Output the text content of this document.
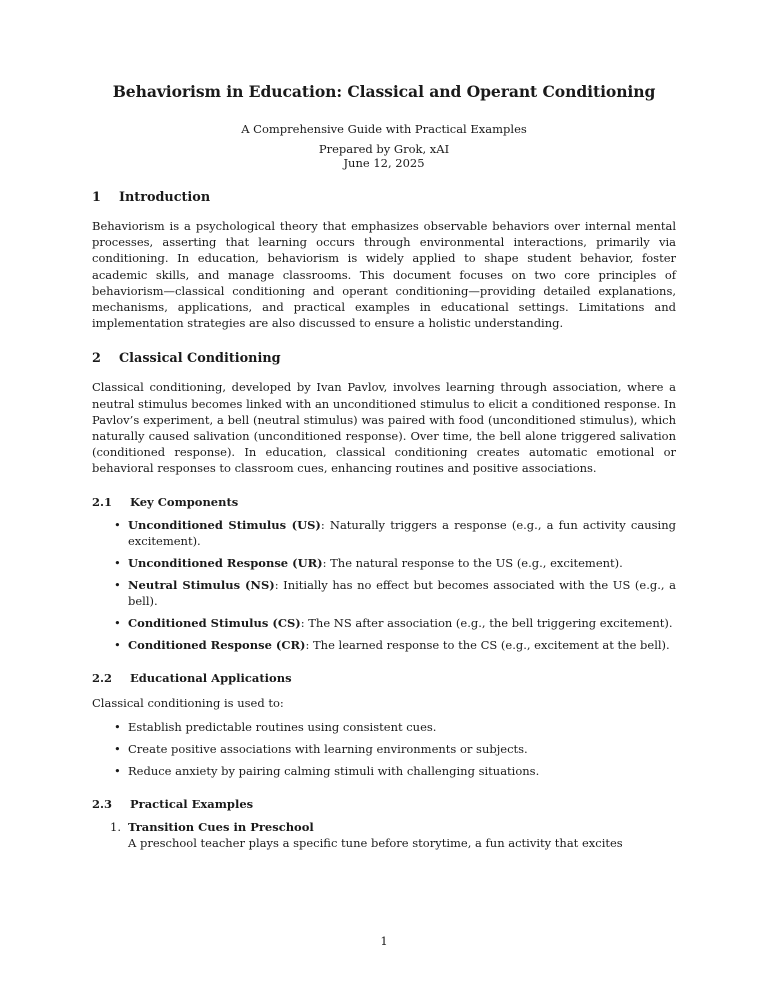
Behaviorism in Education: Classical and Operant Conditioning
A Comprehensive Guide with Practical Examples
Prepared by Grok, xAI
June 12, 2025
1 Introduction

Behaviorism is a psychological theory that emphasizes observable behaviors over internal mental processes, asserting that learning occurs through environmental interactions, primarily via conditioning. In education, behaviorism is widely applied to shape student behavior, foster academic skills, and manage classrooms. This document focuses on two core principles of behaviorism—classical conditioning and operant conditioning—providing detailed explanations, mechanisms, applications, and practical examples in educational settings. Limitations and implementation strategies are also discussed to ensure a holistic understanding.

2 Classical Conditioning

Classical conditioning, developed by Ivan Pavlov, involves learning through association, where a neutral stimulus becomes linked with an unconditioned stimulus to elicit a conditioned response. In Pavlov’s experiment, a bell (neutral stimulus) was paired with food (unconditioned stimulus), which naturally caused salivation (unconditioned response). Over time, the bell alone triggered salivation (conditioned response). In education, classical conditioning creates automatic emotional or behavioral responses to classroom cues, enhancing routines and positive associations.

2.1 Key Components
• Unconditioned Stimulus (US): Naturally triggers a response (e.g., a fun activity causing excitement).
• Unconditioned Response (UR): The natural response to the US (e.g., excitement).
• Neutral Stimulus (NS): Initially has no effect but becomes associated with the US (e.g., a bell).
• Conditioned Stimulus (CS): The NS after association (e.g., the bell triggering excitement).
• Conditioned Response (CR): The learned response to the CS (e.g., excitement at the bell).
2.2 Educational Applications

Classical conditioning is used to:

• Establish predictable routines using consistent cues.
• Create positive associations with learning environments or subjects.
• Reduce anxiety by pairing calming stimuli with challenging situations.
2.3 Practical Examples
1. Transition Cues in Preschool
A preschool teacher plays a specific tune before storytime, a fun activity that excites
1
